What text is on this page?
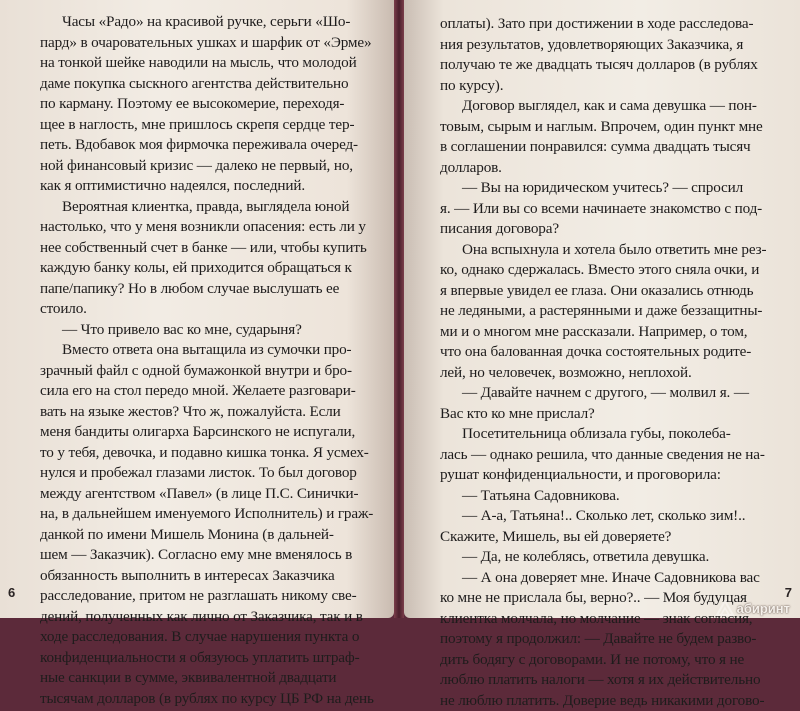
Часы «Радо» на красивой ручке, серьги «Шо-
пард» в очаровательных ушках и шарфик от «Эрме»
на тонкой шейке наводили на мысль, что молодой
даме покупка сыскного агентства действительно
по карману. Поэтому ее высокомерие, переходя-
щее в наглость, мне пришлось скрепя сердце тер-
петь. Вдобавок моя фирмочка переживала очеред-
ной финансовый кризис — далеко не первый, но,
как я оптимистично надеялся, последний.
Вероятная клиентка, правда, выглядела юной
настолько, что у меня возникли опасения: есть ли у
нее собственный счет в банке — или, чтобы купить
каждую банку колы, ей приходится обращаться к
папе/папику? Но в любом случае выслушать ее
стоило.
— Что привело вас ко мне, сударыня?
Вместо ответа она вытащила из сумочки про-
зрачный файл с одной бумажонкой внутри и бро-
сила его на стол передо мной. Желаете разговари-
вать на языке жестов? Что ж, пожалуйста. Если
меня бандиты олигарха Барсинского не испугали,
то у тебя, девочка, и подавно кишка тонка. Я усмех-
нулся и пробежал глазами листок. То был договор
между агентством «Павел» (в лице П.С. Синички-
на, в дальнейшем именуемого Исполнитель) и граж-
данкой по имени Мишель Монина (в дальней-
шем — Заказчик). Согласно ему мне вменялось в
обязанность выполнить в интересах Заказчика
расследование, притом не разглашать никому све-
дений, полученных как лично от Заказчика, так и в
ходе расследования. В случае нарушения пункта о
конфиденциальности я обязуюсь уплатить штраф-
ные санкции в сумме, эквивалентной двадцати
тысячам долларов (в рублях по курсу ЦБ РФ на день
6
оплаты). Зато при достижении в ходе расследова-
ния результатов, удовлетворяющих Заказчика, я
получаю те же двадцать тысяч долларов (в рублях
по курсу).
Договор выглядел, как и сама девушка — пон-
товым, сырым и наглым. Впрочем, один пункт мне
в соглашении понравился: сумма двадцать тысяч
долларов.
— Вы на юридическом учитесь? — спросил
я. — Или вы со всеми начинаете знакомство с под-
писания договора?
Она вспыхнула и хотела было ответить мне рез-
ко, однако сдержалась. Вместо этого сняла очки, и
я впервые увидел ее глаза. Они оказались отнюдь
не ледяными, а растерянными и даже беззащитны-
ми и о многом мне рассказали. Например, о том,
что она балованная дочка состоятельных родите-
лей, но человечек, возможно, неплохой.
— Давайте начнем с другого, — молвил я. —
Вас кто ко мне прислал?
Посетительница облизала губы, поколеба-
лась — однако решила, что данные сведения не на-
рушат конфиденциальности, и проговорила:
— Татьяна Садовникова.
— А-а, Татьяна!.. Сколько лет, сколько зим!..
Скажите, Мишель, вы ей доверяете?
— Да, не колеблясь, ответила девушка.
— А она доверяет мне. Иначе Садовникова вас
ко мне не прислала бы, верно?.. — Моя будущая
клиентка молчала, но молчание — знак согласия,
поэтому я продолжил: — Давайте не будем разво-
дить бодягу с договорами. И не потому, что я не
люблю платить налоги — хотя я их действительно
не люблю платить. Доверие ведь никакими догово-
7
абиринт
